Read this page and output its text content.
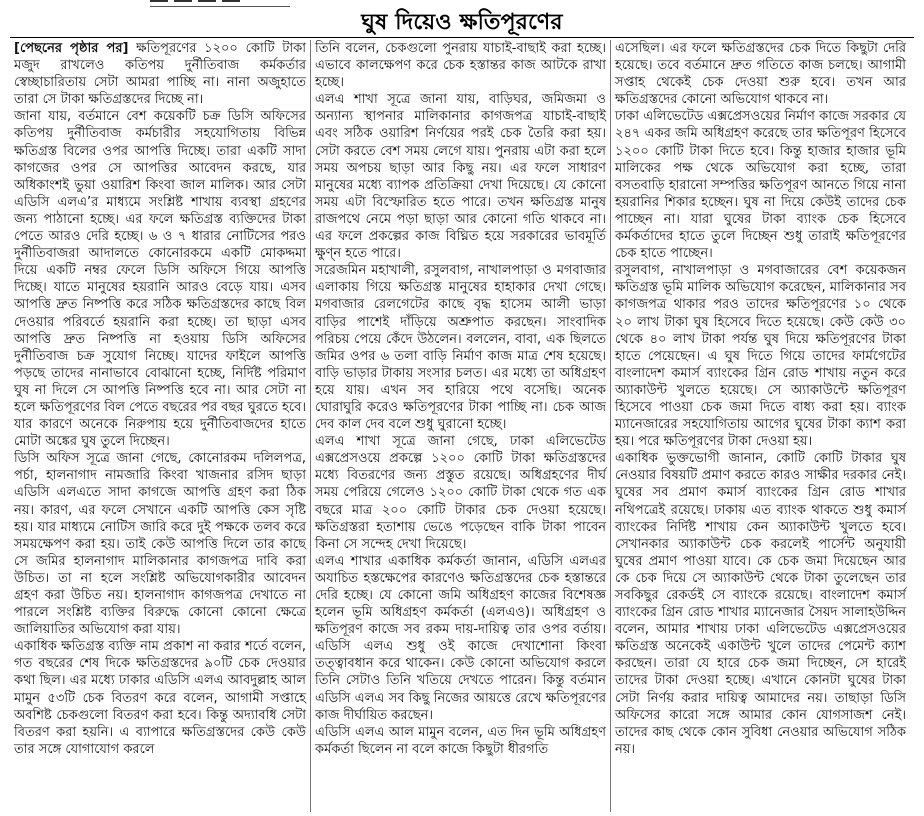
ঘুষ দিয়েও ক্ষতিপূরণের

[পেছনের পৃষ্ঠার পর] ক্ষতিপূরণের ১২০০ কোটি টাকা মজুদ রাখলেও কতিপয় দুর্নীতিবাজ কর্মকর্তার স্বেচ্ছাচারিতায় সেটা আমরা পাচ্ছি না। নানা অজুহাতে তারা সে টাকা ক্ষতিগ্রস্তদের দিচ্ছে না।

জানা যায়, বর্তমানে বেশ কয়েকটি চক্র ডিসি অফিসের কতিপয় দুর্নীতিবাজ কর্মচারীর সহযোগিতায় বিভিন্ন ক্ষতিগ্রস্ত বিলের ওপর আপত্তি দিচ্ছে। তারা একটি সাদা কাগজের ওপর সে আপত্তির আবেদন করছে, যার অধিকাংশই ভুয়া ওয়ারিশ কিংবা জাল মালিক। আর সেটা এডিসি এলএ’র মাধ্যমে সংশ্লিষ্ট শাখায় ব্যবস্থা গ্রহণের জন্য পাঠানো হচ্ছে। এর ফলে ক্ষতিগ্রস্ত ব্যক্তিদের টাকা পেতে আরও দেরি হচ্ছে। ৬ ও ৭ ধারার নোটিসের পরও দুর্নীতিবাজরা আদালতে কোনোরকমে একটি মোকদ্দমা দিয়ে একটি নম্বর ফেলে ডিসি অফিসে গিয়ে আপত্তি দিচ্ছে। যাতে মানুষের হয়রানি আরও বেড়ে যায়। এসব আপত্তি দ্রুত নিষ্পত্তি করে সঠিক ক্ষতিগ্রস্তদের কাছে বিল দেওয়ার পরিবর্তে হয়রানি করা হচ্ছে। তা ছাড়া এসব আপত্তি দ্রুত নিষ্পত্তি না হওয়ায় ডিসি অফিসের দুর্নীতিবাজ চক্র সুযোগ নিচ্ছে। যাদের ফাইলে আপত্তি পড়ছে তাদের নানাভাবে বোঝানো হচ্ছে, নির্দিষ্ট পরিমাণ ঘুষ না দিলে সে আপত্তি নিষ্পত্তি হবে না। আর সেটা না হলে ক্ষতিপূরণের বিল পেতে বছরের পর বছর ঘুরতে হবে। যার কারণে অনেকে নিরুপায় হয়ে দুর্নীতিবাজদের হাতে মোটা অঙ্কের ঘুষ তুলে দিচ্ছেন।

ডিসি অফিস সূত্রে জানা গেছে, কোনোরকম দলিলপত্র, পর্চা, হালনাগাদ নামজারি কিংবা খাজনার রসিদ ছাড়া এডিসি এলএতে সাদা কাগজে আপত্তি গ্রহণ করা ঠিক নয়। কারণ, এর ফলে সেখানে একটি আপত্তি কেস সৃষ্টি হয়। যার মাধ্যমে নোটিস জারি করে দুই পক্ষকে তলব করে সময়ক্ষেপণ করা হয়। তাই কেউ আপত্তি দিলে তার কাছে সে জমির হালনাগাদ মালিকানার কাগজপত্র দাবি করা উচিত। তা না হলে সংশ্লিষ্ট অভিযোগকারীর আবেদন গ্রহণ করা উচিত নয়। হালনাগাদ কাগজপত্র দেখাতে না পারলে সংশ্লিষ্ট ব্যক্তির বিরুদ্ধে কোনো কোনো ক্ষেত্রে জালিয়াতির অভিযোগ করা যায়।

একাধিক ক্ষতিগ্রস্ত ব্যক্তি নাম প্রকাশ না করার শর্তে বলেন, গত বছরের শেষ দিকে ক্ষতিগ্রস্তদের ৯০টি চেক দেওয়ার কথা ছিল। এর মধ্যে ঢাকার এডিসি এলএ আবদুল্লাহ আল মামুন ৫৩টি চেক বিতরণ করে বলেন, আগামী সপ্তাহে অবশিষ্ট চেকগুলো বিতরণ করা হবে। কিন্তু অদ্যাবধি সেটা বিতরণ করা হয়নি। এ ব্যাপারে ক্ষতিগ্রস্তদের কেউ কেউ তার সঙ্গে যোগাযোগ করলে

তিনি বলেন, চেকগুলো পুনরায় যাচাই-বাছাই করা হচ্ছে। এভাবে কালক্ষেপণ করে চেক হস্তান্তর কাজ আটকে রাখা হচ্ছে।

এলএ শাখা সূত্রে জানা যায়, বাড়িঘর, জমিজমা ও অন্যান্য স্থাপনার মালিকানার কাগজপত্র যাচাই-বাছাই এবং সঠিক ওয়ারিশ নির্ণয়ের পরই চেক তৈরি করা হয়। সেটা করতে বেশ সময় লেগে যায়। পুনরায় এটা করা হলে সময় অপচয় ছাড়া আর কিছু নয়। এর ফলে সাধারণ মানুষের মধ্যে ব্যাপক প্রতিক্রিয়া দেখা দিয়েছে। যে কোনো সময় এটা বিস্ফোরিত হতে পারে। তখন ক্ষতিগ্রস্ত মানুষ রাজপথে নেমে পড়া ছাড়া আর কোনো গতি থাকবে না। এর ফলে প্রকল্পের কাজ বিঘ্নিত হয়ে সরকারের ভাবমূর্তি ক্ষুণ্ন হতে পারে।

সরেজমিন মহাখালী, রসুলবাগ, নাখালপাড়া ও মগবাজার এলাকায় গিয়ে ক্ষতিগ্রস্ত মানুষের হাহাকার দেখা গেছে। মগবাজার রেলগেটের কাছে বৃদ্ধ হাসেম আলী ভাড়া বাড়ির পাশেই দাঁড়িয়ে অশ্রুপাত করছেন। সাংবাদিক পরিচয় পেয়ে কেঁদে উঠলেন। বললেন, বাবা, এক ছিলতে জমির ওপর ৬ তলা বাড়ি নির্মাণ কাজ মাত্র শেষ হয়েছে। বাড়ি ভাড়ার টাকায় সংসার চলত। এর মধ্যে তা অধিগ্রহণ হয়ে যায়। এখন সব হারিয়ে পথে বসেছি। অনেক ঘোরাঘুরি করেও ক্ষতিপূরণের টাকা পাচ্ছি না। চেক আজ দেব কাল দেব বলে শুধু ঘুরানো হচ্ছে।

এলএ শাখা সূত্রে জানা গেছে, ঢাকা এলিভেটেড এক্সপ্রেসওয়ে প্রকল্পে ১২০০ কোটি টাকা ক্ষতিগ্রস্তদের মধ্যে বিতরণের জন্য প্রস্তুত রয়েছে। অধিগ্রহণের দীর্ঘ সময় পেরিয়ে গেলেও ১২০০ কোটি টাকা থেকে গত এক বছরে মাত্র ২০০ কোটি টাকার চেক দেওয়া হয়েছে। ক্ষতিগ্রস্তরা হতাশায় ভেঙে পড়েছেন বাকি টাকা পাবেন কিনা সে সন্দেহ দেখা দিয়েছে।

এলএ শাখার একাধিক কর্মকর্তা জানান, এডিসি এলএর অযাচিত হস্তক্ষেপের কারণেও ক্ষতিগ্রস্তদের চেক হস্তান্তরে দেরি হচ্ছে। যে কোনো জমি অধিগ্রহণ কাজের বিশেষজ্ঞ হলেন ভূমি অধিগ্রহণ কর্মকর্তা (এলএও)। অধিগ্রহণ ও ক্ষতিপূরণ কাজে সব রকম দায়-দায়িত্ব তার ওপর বর্তায়। এডিসি এলএ শুধু ওই কাজে দেখাশোনা কিংবা তত্ত্বাবধান করে থাকেন। কেউ কোনো অভিযোগ করলে তিনি সেটাও তিনি খতিয়ে দেখতে পারেন। কিন্তু বর্তমান এডিসি এলএ সব কিছু নিজের আয়ত্তে রেখে ক্ষতিপূরণের কাজ দীর্ঘায়িত করছেন।

এডিসি এলএ আল মামুন বলেন, এত দিন ভূমি অধিগ্রহণ কর্মকর্তা ছিলেন না বলে কাজে কিছুটা ধীরগতি

এসেছিল। এর ফলে ক্ষতিগ্রস্তদের চেক দিতে কিছুটা দেরি হয়েছে। তবে বর্তমানে দ্রুত গতিতে কাজ চলছে। আগামী সপ্তাহ থেকেই চেক দেওয়া শুরু হবে। তখন আর ক্ষতিগ্রস্তদের কোনো অভিযোগ থাকবে না।

ঢাকা এলিভেটেড এক্সপ্রেসওয়ের নির্মাণ কাজে সরকার যে ২৪৭ একর জমি অধিগ্রহণ করেছে তার ক্ষতিপূরণ হিসেবে ১২০০ কোটি টাকা দিতে হবে। কিন্তু হাজার হাজার ভূমি মালিকের পক্ষ থেকে অভিযোগ করা হচ্ছে, তারা বসতবাড়ি হারানো সম্পত্তির ক্ষতিপূরণ আনতে গিয়ে নানা হয়রানির শিকার হচ্ছেন। ঘুষ না দিয়ে কেউই তাদের চেক পাচ্ছেন না। যারা ঘুষের টাকা ব্যাংক চেক হিসেবে কর্মকর্তাদের হাতে তুলে দিচ্ছেন শুধু তারাই ক্ষতিপূরণের চেক হাতে পাচ্ছেন।

রসুলবাগ, নাখালপাড়া ও মগবাজারের বেশ কয়েকজন ক্ষতিগ্রস্ত ভূমি মালিক অভিযোগ করেছেন, মালিকানার সব কাগজপত্র থাকার পরও তাদের ক্ষতিপূরণের ১০ থেকে ২০ লাখ টাকা ঘুষ হিসেবে দিতে হয়েছে। কেউ কেউ ৩০ থেকে ৪০ লাখ টাকা পর্যন্ত ঘুষ দিয়ে ক্ষতিপূরণের টাকা হাতে পেয়েছেন। এ ঘুষ দিতে গিয়ে তাদের ফার্মগেটের বাংলাদেশ কমার্স ব্যাংকের গ্রিন রোড শাখায় নতুন করে অ্যাকাউন্ট খুলতে হয়েছে। সে অ্যাকাউন্টে ক্ষতিপূরণ হিসেবে পাওয়া চেক জমা দিতে বাধ্য করা হয়। ব্যাংক ম্যানেজারের সহযোগিতায় আগের ঘুষের টাকা ক্যাশ করা হয়। পরে ক্ষতিপূরণের টাকা দেওয়া হয়।

একাধিক ভুক্তভোগী জানান, কোটি কোটি টাকার ঘুষ নেওয়ার বিষয়টি প্রমাণ করতে কারও সাক্ষীর দরকার নেই। ঘুষের সব প্রমাণ কমার্স ব্যাংকের গ্রিন রোড শাখার নথিপত্রেই রয়েছে। ঢাকায় এত ব্যাংক থাকতে শুধু কমার্স ব্যাংকের নির্দিষ্ট শাখায় কেন অ্যাকাউন্ট খুলতে হবে। সেখানকার অ্যাকাউন্ট চেক করলেই পার্সেন্ট অনুযায়ী ঘুষের প্রমাণ পাওয়া যাবে। কে চেক জমা দিয়েছেন আর কে চেক দিয়ে সে অ্যাকাউন্ট থেকে টাকা তুলেছেন তার সবকিছুর রেকর্ডই সে ব্যাংকে রয়েছে। বাংলাদেশ কমার্স ব্যাংকের গ্রিন রোড শাখার ম্যানেজার সৈয়দ সালাহউদ্দিন বলেন, আমার শাখায় ঢাকা এলিভেটেড এক্সপ্রেসওয়ের ক্ষতিগ্রস্ত অনেকেই একাউন্ট খুলে তাদের পেমেন্ট ক্যাশ করছেন। তারা যে হারে চেক জমা দিচ্ছেন, সে হারেই তাদের টাকা দেওয়া হচ্ছে। এখানে কোনটা ঘুষের টাকা সেটা নির্ণয় করার দায়িত্ব আমাদের নয়। তাছাড়া ডিসি অফিসের কারো সঙ্গে আমার কোন যোগসাজশ নেই। তাদের কাছ থেকে কোন সুবিধা নেওয়ার অভিযোগ সঠিক নয়।
